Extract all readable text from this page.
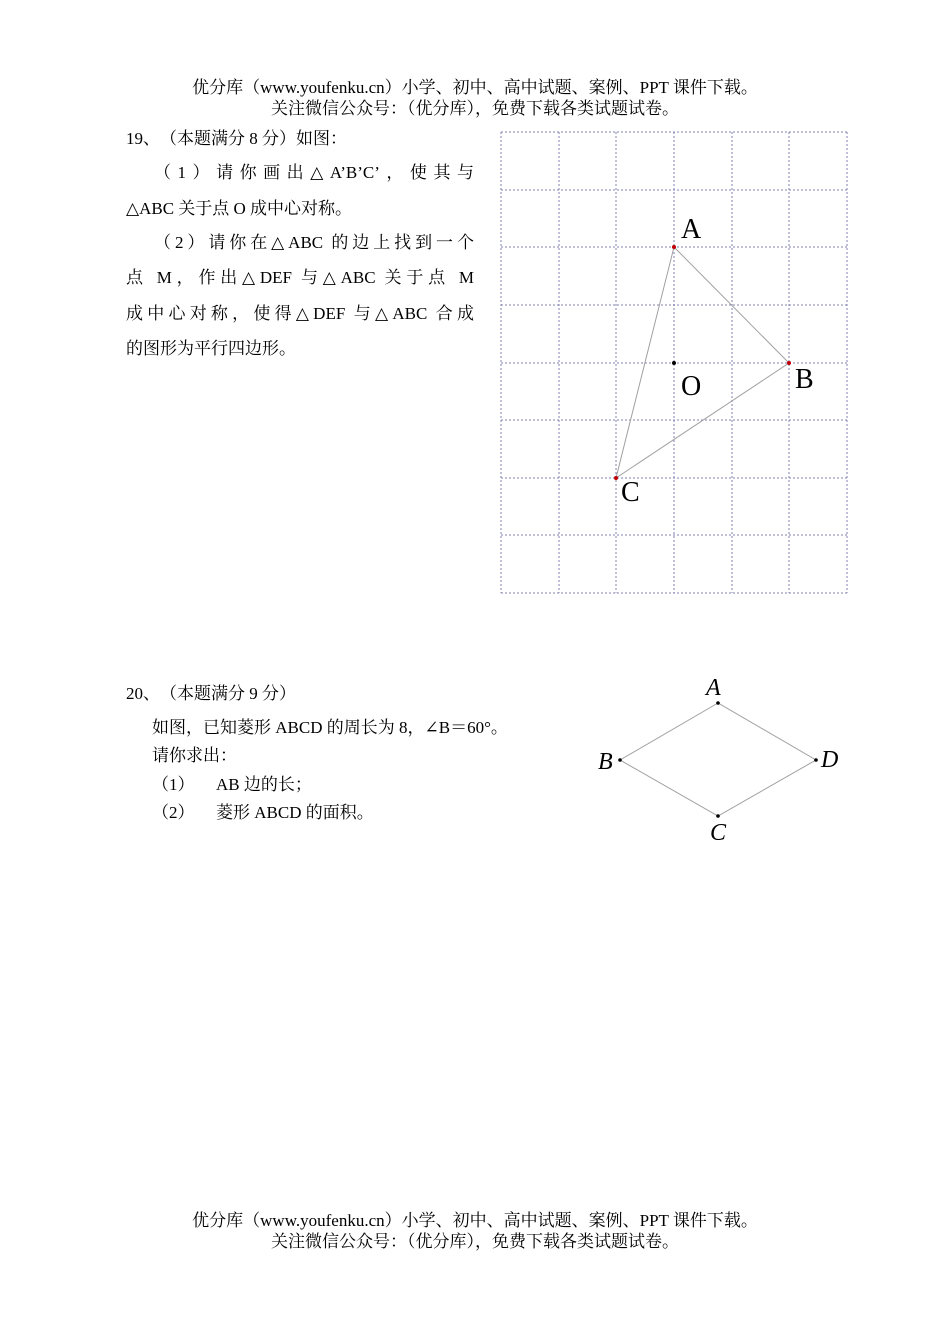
优分库（www.youfenku.cn）小学、初中、高中试题、案例、PPT 课件下载。
关注微信公众号：（优分库），免费下载各类试题试卷。
19、　（本题满分 8 分）如图：
（1）请你画出△A’B’C’，使其与
△ABC 关于点 O 成中心对称。
（2）请你在△ABC 的边上找到一个
点 M，作出△DEF 与△ABC 关于点 M
成中心对称，使得△DEF 与△ABC 合成
的图形为平行四边形。
A
B
C
O
20、　（本题满分 9 分）
如图，已知菱形 ABCD 的周长为 8，∠B＝60°。
请你求出：
（1） AB 边的长；
（2） 菱形 ABCD 的面积。
A
B
C
D
优分库（www.youfenku.cn）小学、初中、高中试题、案例、PPT 课件下载。
关注微信公众号：（优分库），免费下载各类试题试卷。
